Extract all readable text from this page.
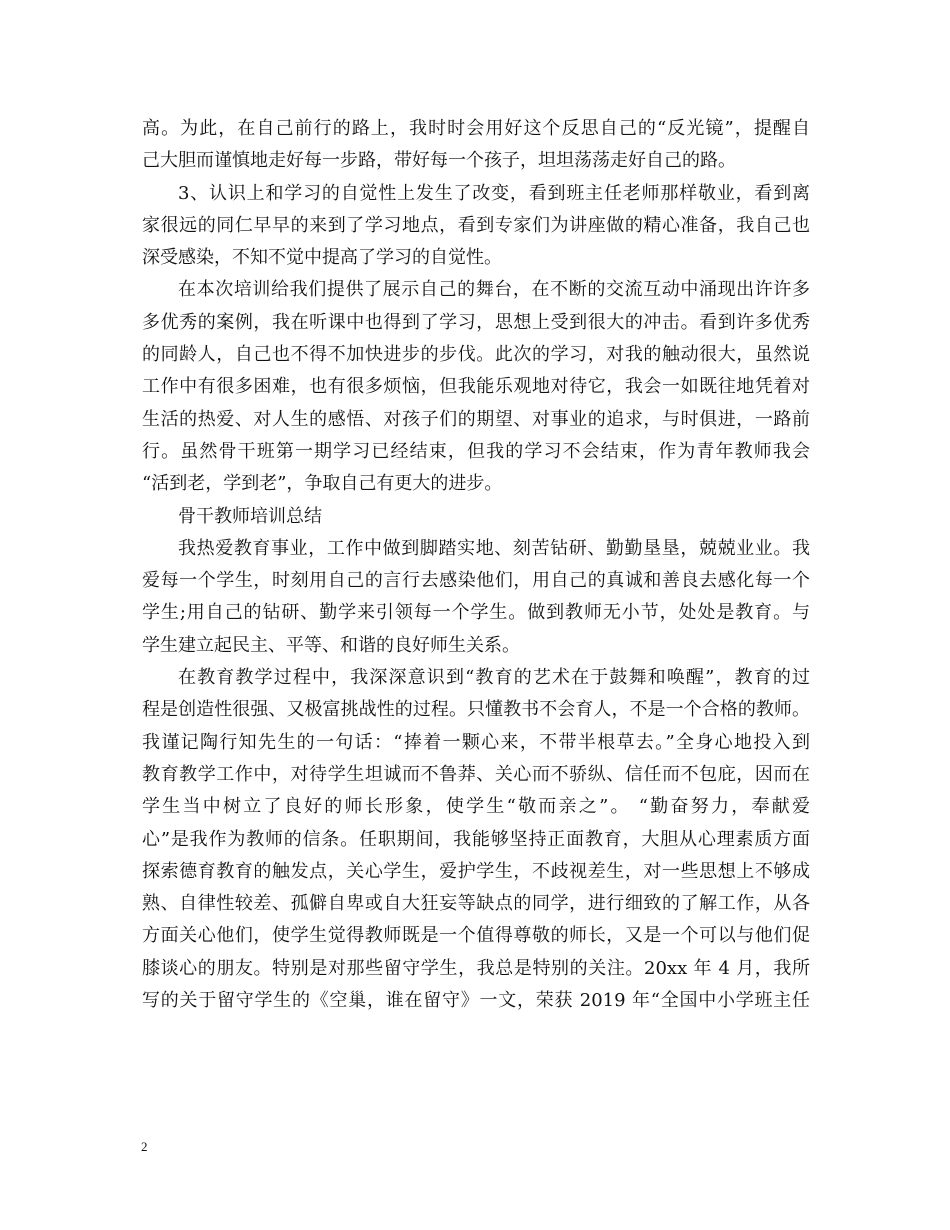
高。为此，在自己前行的路上，我时时会用好这个反思自己的“反光镜”，提醒自
己大胆而谨慎地走好每一步路，带好每一个孩子，坦坦荡荡走好自己的路。
3、认识上和学习的自觉性上发生了改变，看到班主任老师那样敬业，看到离
家很远的同仁早早的来到了学习地点，看到专家们为讲座做的精心准备，我自己也
深受感染，不知不觉中提高了学习的自觉性。
在本次培训给我们提供了展示自己的舞台，在不断的交流互动中涌现出许许多
多优秀的案例，我在听课中也得到了学习，思想上受到很大的冲击。看到许多优秀
的同龄人，自己也不得不加快进步的步伐。此次的学习，对我的触动很大，虽然说
工作中有很多困难，也有很多烦恼，但我能乐观地对待它，我会一如既往地凭着对
生活的热爱、对人生的感悟、对孩子们的期望、对事业的追求，与时俱进，一路前
行。虽然骨干班第一期学习已经结束，但我的学习不会结束，作为青年教师我会
“活到老，学到老”，争取自己有更大的进步。
骨干教师培训总结
我热爱教育事业，工作中做到脚踏实地、刻苦钻研、勤勤垦垦，兢兢业业。我
爱每一个学生，时刻用自己的言行去感染他们，用自己的真诚和善良去感化每一个
学生;用自己的钻研、勤学来引领每一个学生。做到教师无小节，处处是教育。与
学生建立起民主、平等、和谐的良好师生关系。
在教育教学过程中，我深深意识到“教育的艺术在于鼓舞和唤醒”，教育的过
程是创造性很强、又极富挑战性的过程。只懂教书不会育人，不是一个合格的教师。
我谨记陶行知先生的一句话：“捧着一颗心来，不带半根草去。”全身心地投入到
教育教学工作中，对待学生坦诚而不鲁莽、关心而不骄纵、信任而不包庇，因而在
学生当中树立了良好的师长形象，使学生“敬而亲之”。 “勤奋努力，奉献爱
心”是我作为教师的信条。任职期间，我能够坚持正面教育，大胆从心理素质方面
探索德育教育的触发点，关心学生，爱护学生，不歧视差生，对一些思想上不够成
熟、自律性较差、孤僻自卑或自大狂妄等缺点的同学，进行细致的了解工作，从各
方面关心他们，使学生觉得教师既是一个值得尊敬的师长，又是一个可以与他们促
膝谈心的朋友。特别是对那些留守学生，我总是特别的关注。20xx 年 4 月，我所
写的关于留守学生的《空巢，谁在留守》一文，荣获 2019 年“全国中小学班主任
2
